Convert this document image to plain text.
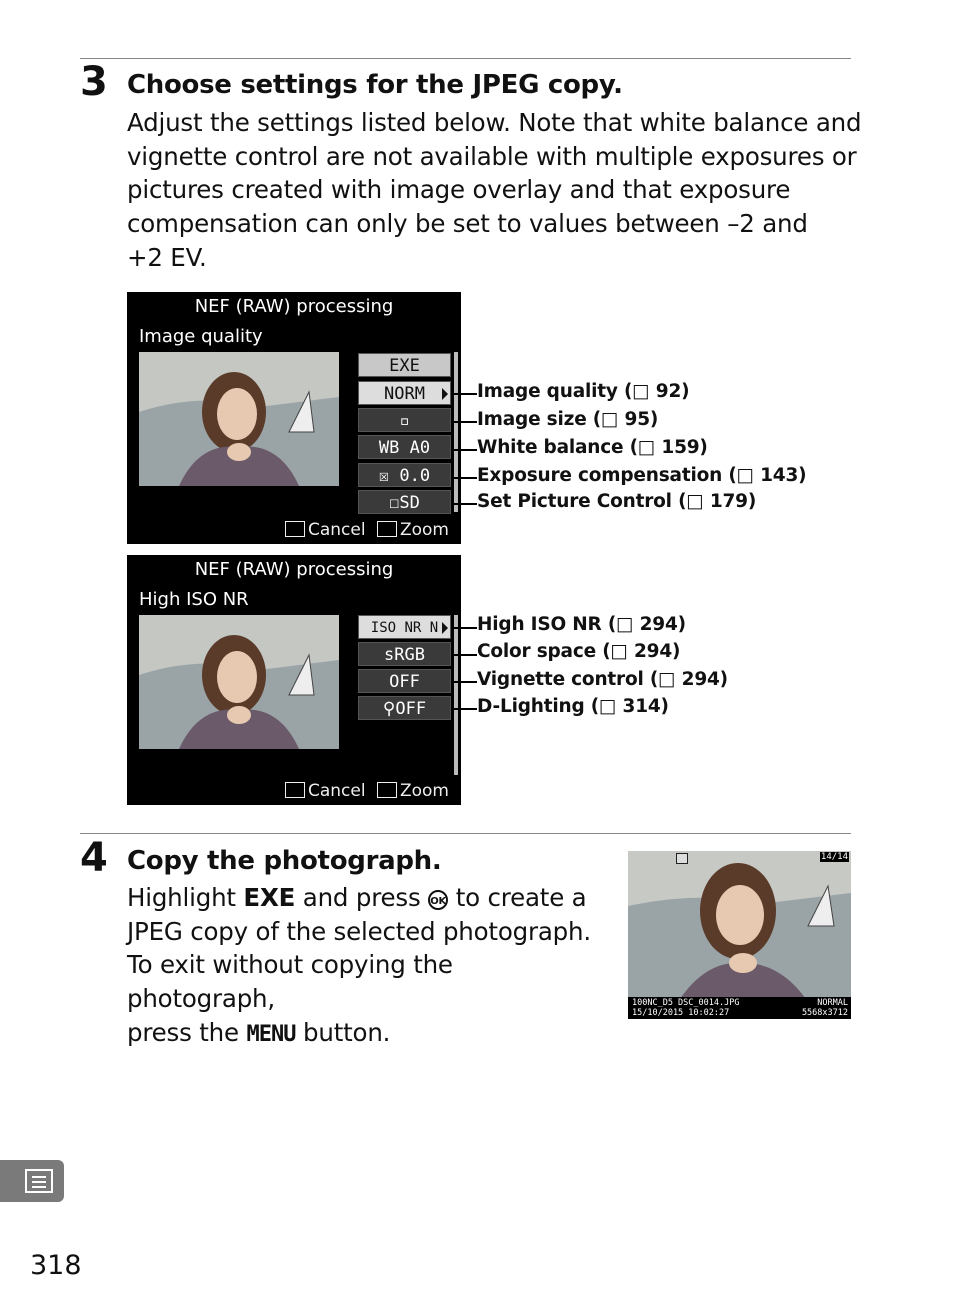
3 Choose settings for the JPEG copy.
Adjust the settings listed below. Note that white balance and
vignette control are not available with multiple exposures or
pictures created with image overlay and that exposure
compensation can only be set to values between –2 and
+2 EV.
NEF (RAW) processing
Image quality
EXE
NORM
▫
WB A0
☒ 0.0
☐SD
Cancel Zoom
Image quality (□ 92)
Image size (□ 95)
White balance (□ 159)
Exposure compensation (□ 143)
Set Picture Control (□ 179)
NEF (RAW) processing
High ISO NR
ISO NR N
sRGB
OFF
⚲OFF
Cancel Zoom
High ISO NR (□ 294)
Color space (□ 294)
Vignette control (□ 294)
D-Lighting (□ 314)
4 Copy the photograph.
Highlight EXE and press OK to create a
JPEG copy of the selected photograph.
To exit without copying the photograph,
press the MENU button.
14/14
100NC_D5 DSC_0014.JPG	NORMAL
15/10/2015 10:02:27	5568x3712
318
